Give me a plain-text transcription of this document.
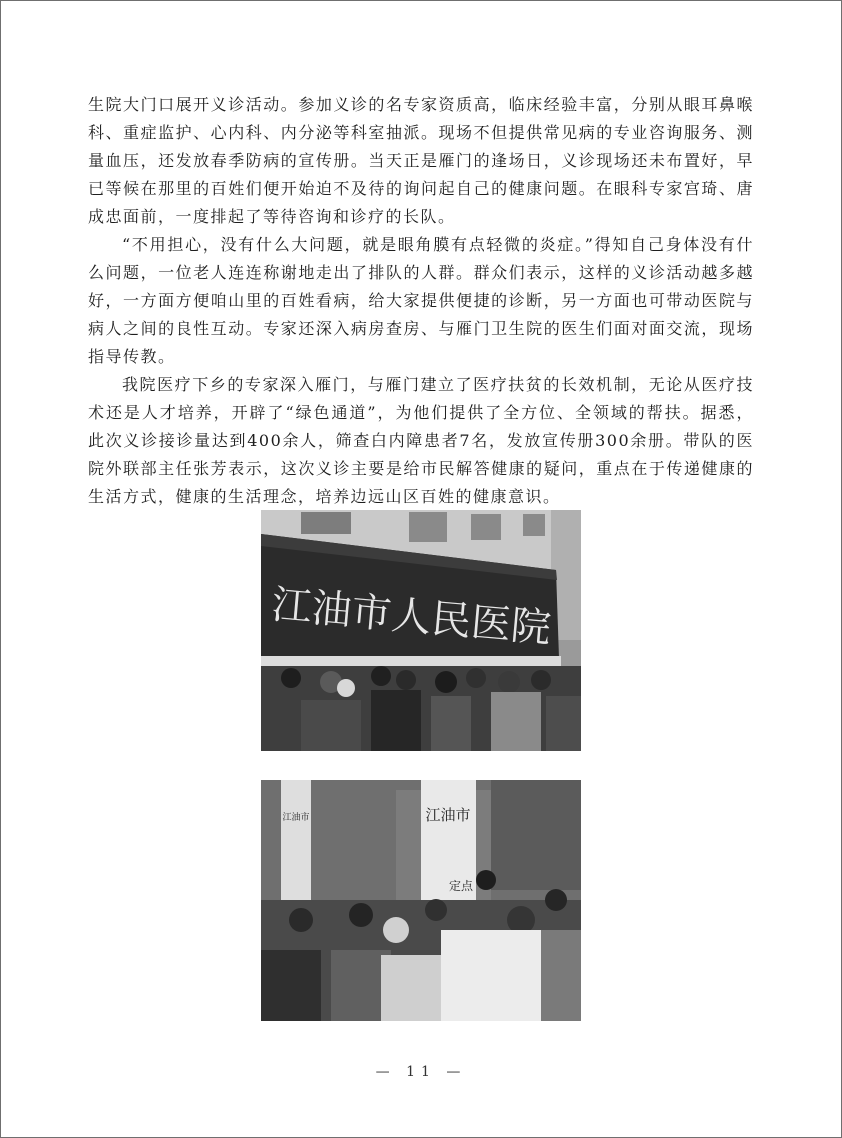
生院大门口展开义诊活动。参加义诊的名专家资质高，临床经验丰富，分别从眼耳鼻喉科、重症监护、心内科、内分泌等科室抽派。现场不但提供常见病的专业咨询服务、测量血压，还发放春季防病的宣传册。当天正是雁门的逢场日，义诊现场还未布置好，早已等候在那里的百姓们便开始迫不及待的询问起自己的健康问题。在眼科专家宫琦、唐成忠面前，一度排起了等待咨询和诊疗的长队。

“不用担心，没有什么大问题，就是眼角膜有点轻微的炎症。”得知自己身体没有什么问题，一位老人连连称谢地走出了排队的人群。群众们表示，这样的义诊活动越多越好，一方面方便咱山里的百姓看病，给大家提供便捷的诊断，另一方面也可带动医院与病人之间的良性互动。专家还深入病房查房、与雁门卫生院的医生们面对面交流，现场指导传教。

我院医疗下乡的专家深入雁门，与雁门建立了医疗扶贫的长效机制，无论从医疗技术还是人才培养，开辟了“绿色通道”，为他们提供了全方位、全领域的帮扶。据悉，此次义诊接诊量达到400余人，筛查白内障患者7名，发放宣传册300余册。带队的医院外联部主任张芳表示，这次义诊主要是给市民解答健康的疑问，重点在于传递健康的生活方式，健康的生活理念，培养边远山区百姓的健康意识。

江油市人民医院
江油市
定点
江油市
— 11 —
